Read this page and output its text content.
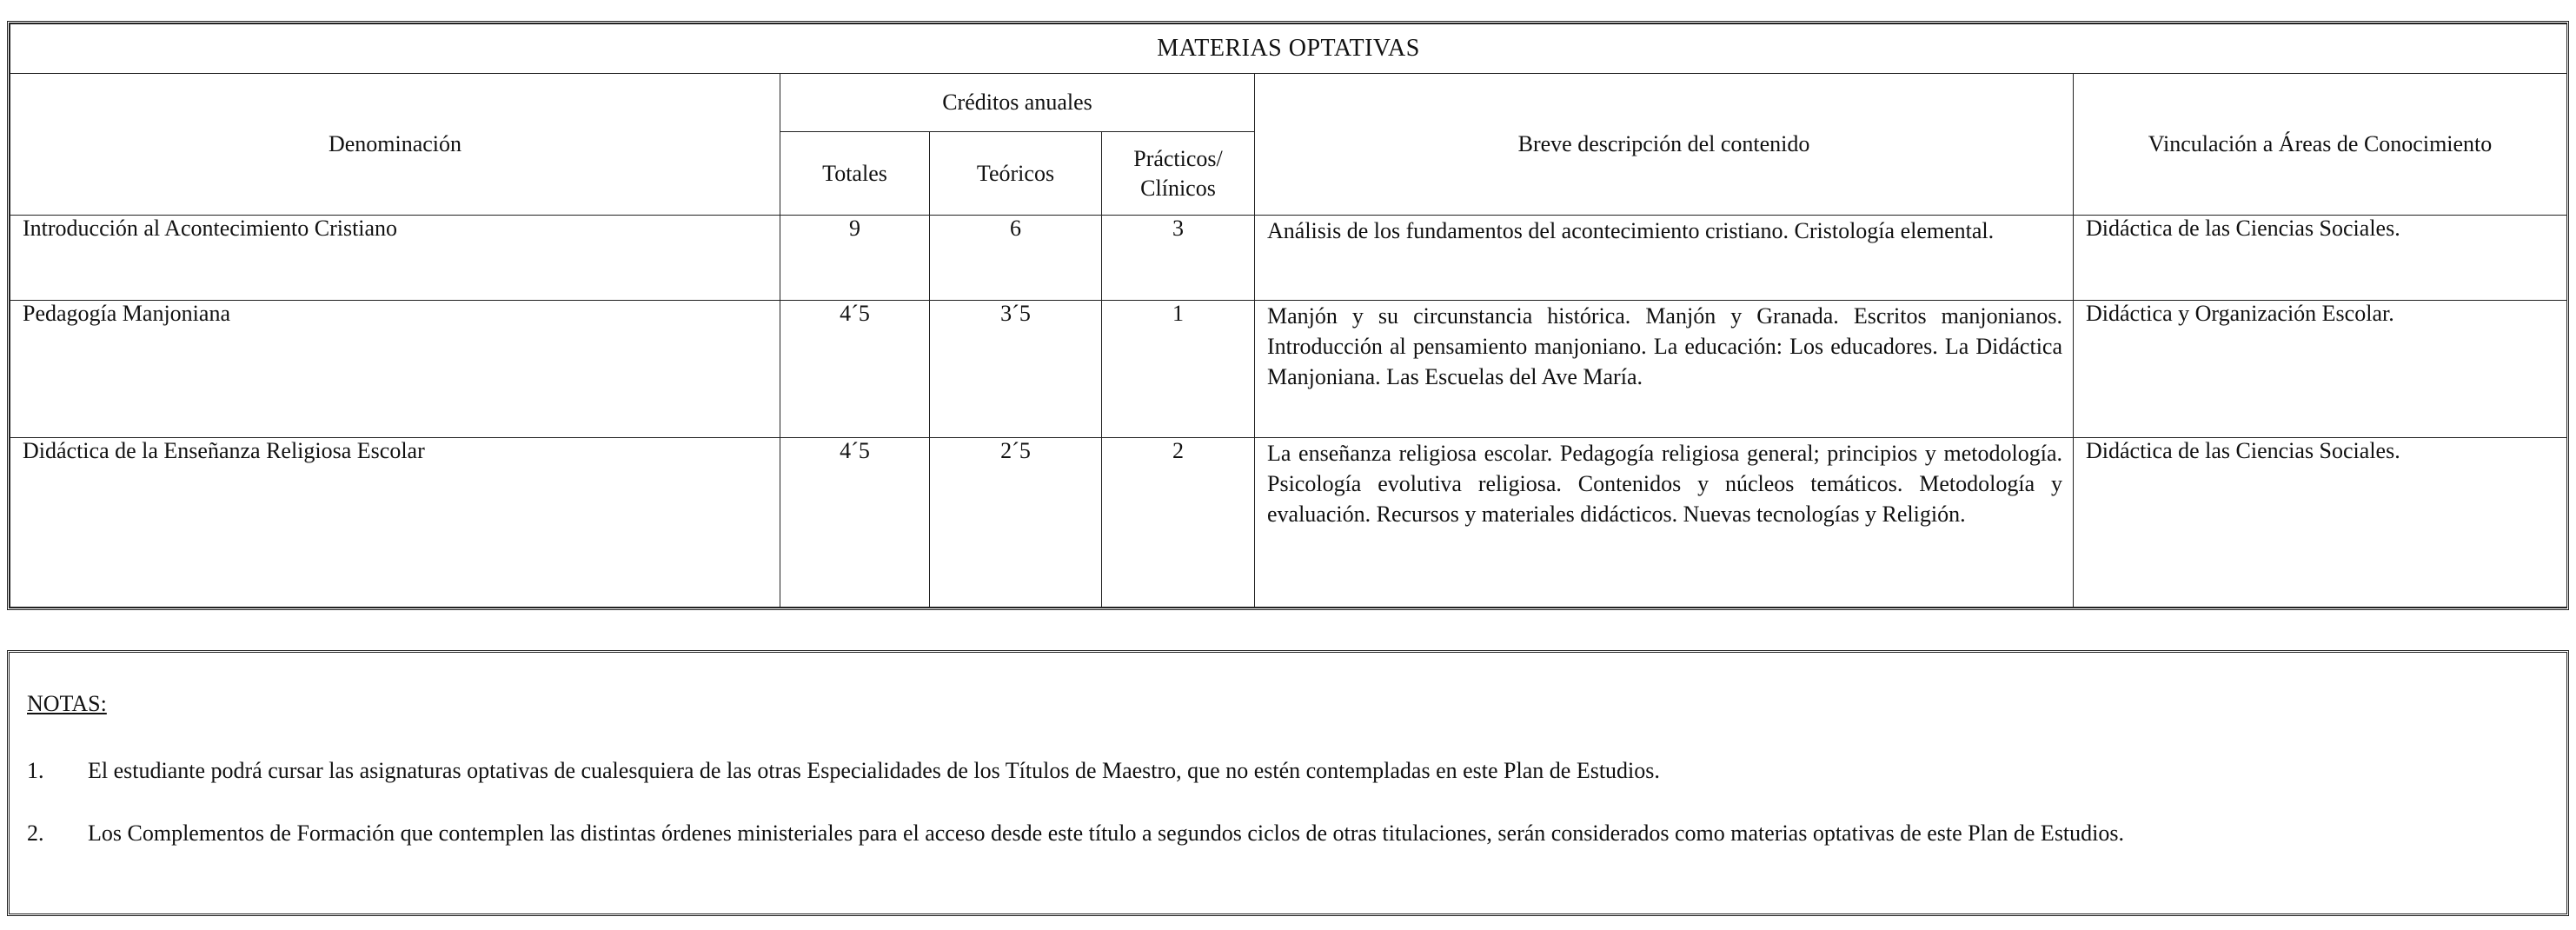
MATERIAS OPTATIVAS					
Denominación	Créditos anuales			Breve descripción del contenido	Vinculación a Áreas de Conocimiento
	Totales	Teóricos	Prácticos/ Clínicos		
Introducción al Acontecimiento Cristiano	9	6	3	Análisis de los fundamentos del acontecimiento cristiano. Cristología elemental.	Didáctica de las Ciencias Sociales.
Pedagogía Manjoniana	4´5	3´5	1	Manjón y su circunstancia histórica. Manjón y Granada. Escritos manjonianos. Introducción al pensamiento manjoniano. La educación: Los educadores. La Didáctica Manjoniana. Las Escuelas del Ave María.	Didáctica y Organización Escolar.
Didáctica de la Enseñanza Religiosa Escolar	4´5	2´5	2	La enseñanza religiosa escolar. Pedagogía religiosa general; principios y metodología. Psicología evolutiva religiosa. Contenidos y núcleos temáticos. Metodología y evaluación. Recursos y materiales didácticos. Nuevas tecnologías y Religión.	Didáctica de las Ciencias Sociales.
NOTAS:
1. El estudiante podrá cursar las asignaturas optativas de cualesquiera de las otras Especialidades de los Títulos de Maestro, que no estén contempladas en este Plan de Estudios.
2. Los Complementos de Formación que contemplen las distintas órdenes ministeriales para el acceso desde este título a segundos ciclos de otras titulaciones, serán considerados como materias optativas de este Plan de Estudios.
